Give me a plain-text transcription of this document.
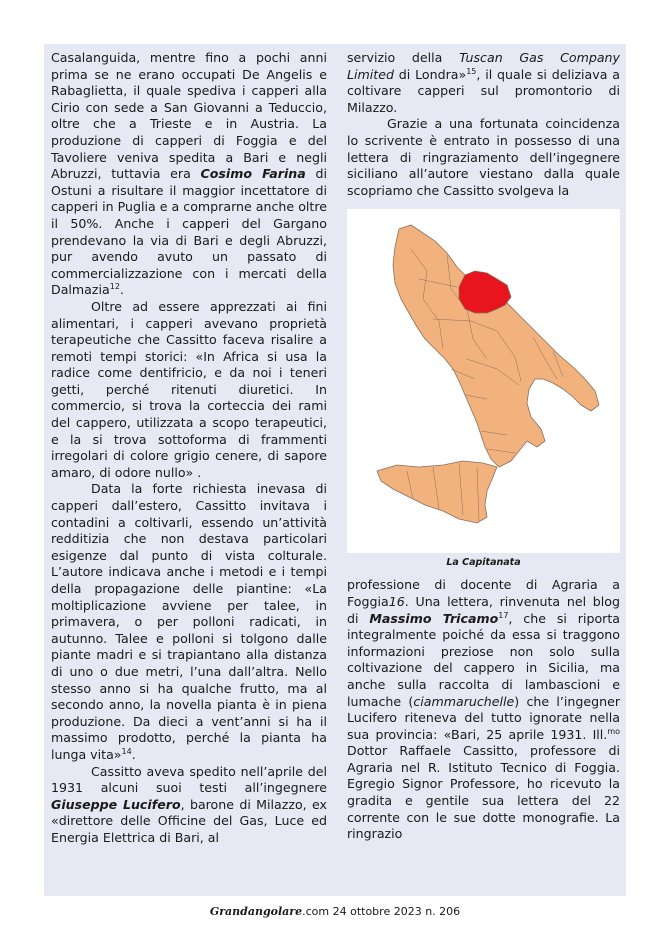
Casalanguida, mentre fino a pochi anni prima se ne erano occupati De Angelis e Rabaglietta, il quale spediva i capperi alla Cirio con sede a San Giovanni a Teduccio, oltre che a Trieste e in Austria. La produzione di capperi di Foggia e del Tavoliere veniva spedita a Bari e negli Abruzzi, tuttavia era Cosimo Farina di Ostuni a risultare il maggior incettatore di capperi in Puglia e a comprarne anche oltre il 50%. Anche i capperi del Gargano prendevano la via di Bari e degli Abruzzi, pur avendo avuto un passato di commercializzazione con i mercati della Dalmazia$^{12}$.

Oltre ad essere apprezzati ai fini alimentari, i capperi avevano proprietà terapeutiche che Cassitto faceva risalire a remoti tempi storici: «In Africa si usa la radice come dentifricio, e da noi i teneri getti, perché ritenuti diuretici. In commercio, si trova la corteccia dei rami del cappero, utilizzata a scopo terapeutici, e la si trova sottoforma di frammenti irregolari di colore grigio cenere, di sapore amaro, di odore nullo» .

Data la forte richiesta inevasa di capperi dall’estero, Cassitto invitava i contadini a coltivarli, essendo un’attività redditizia che non destava particolari esigenze dal punto di vista colturale. L’autore indicava anche i metodi e i tempi della propagazione delle piantine: «La moltiplicazione avviene per talee, in primavera, o per polloni radicati, in autunno. Talee e polloni si tolgono dalle piante madri e si trapiantano alla distanza di uno o due metri, l’una dall’altra. Nello stesso anno si ha qualche frutto, ma al secondo anno, la novella pianta è in piena produzione. Da dieci a vent’anni si ha il massimo prodotto, perché la pianta ha lunga vita»$^{14}$.

Cassitto aveva spedito nell’aprile del 1931 alcuni suoi testi all’ingegnere Giuseppe Lucifero, barone di Milazzo, ex «direttore delle Officine del Gas, Luce ed Energia Elettrica di Bari, al

servizio della Tuscan Gas Company Limited di Londra»$^{15}$, il quale si deliziava a coltivare capperi sul promontorio di Milazzo.

Grazie a una fortunata coincidenza lo scrivente è entrato in possesso di una lettera di ringraziamento dell’ingegnere siciliano all’autore viestano dalla quale scopriamo che Cassitto svolgeva la

La Capitanata

professione di docente di Agraria a Foggia16. Una lettera, rinvenuta nel blog di Massimo Tricamo$^{17}$, che si riporta integralmente poiché da essa si traggono informazioni preziose non solo sulla coltivazione del cappero in Sicilia, ma anche sulla raccolta di lambascioni e lumache (ciammaruchelle) che l’ingegner Lucifero riteneva del tutto ignorate nella sua provincia: «Bari, 25 aprile 1931. Ill.$^{mo}$ Dottor Raffaele Cassitto, professore di Agraria nel R. Istituto Tecnico di Foggia. Egregio Signor Professore, ho ricevuto la gradita e gentile sua lettera del 22 corrente con le sue dotte monografie. La ringrazio

Grandangolare.com 24 ottobre 2023 n. 206
